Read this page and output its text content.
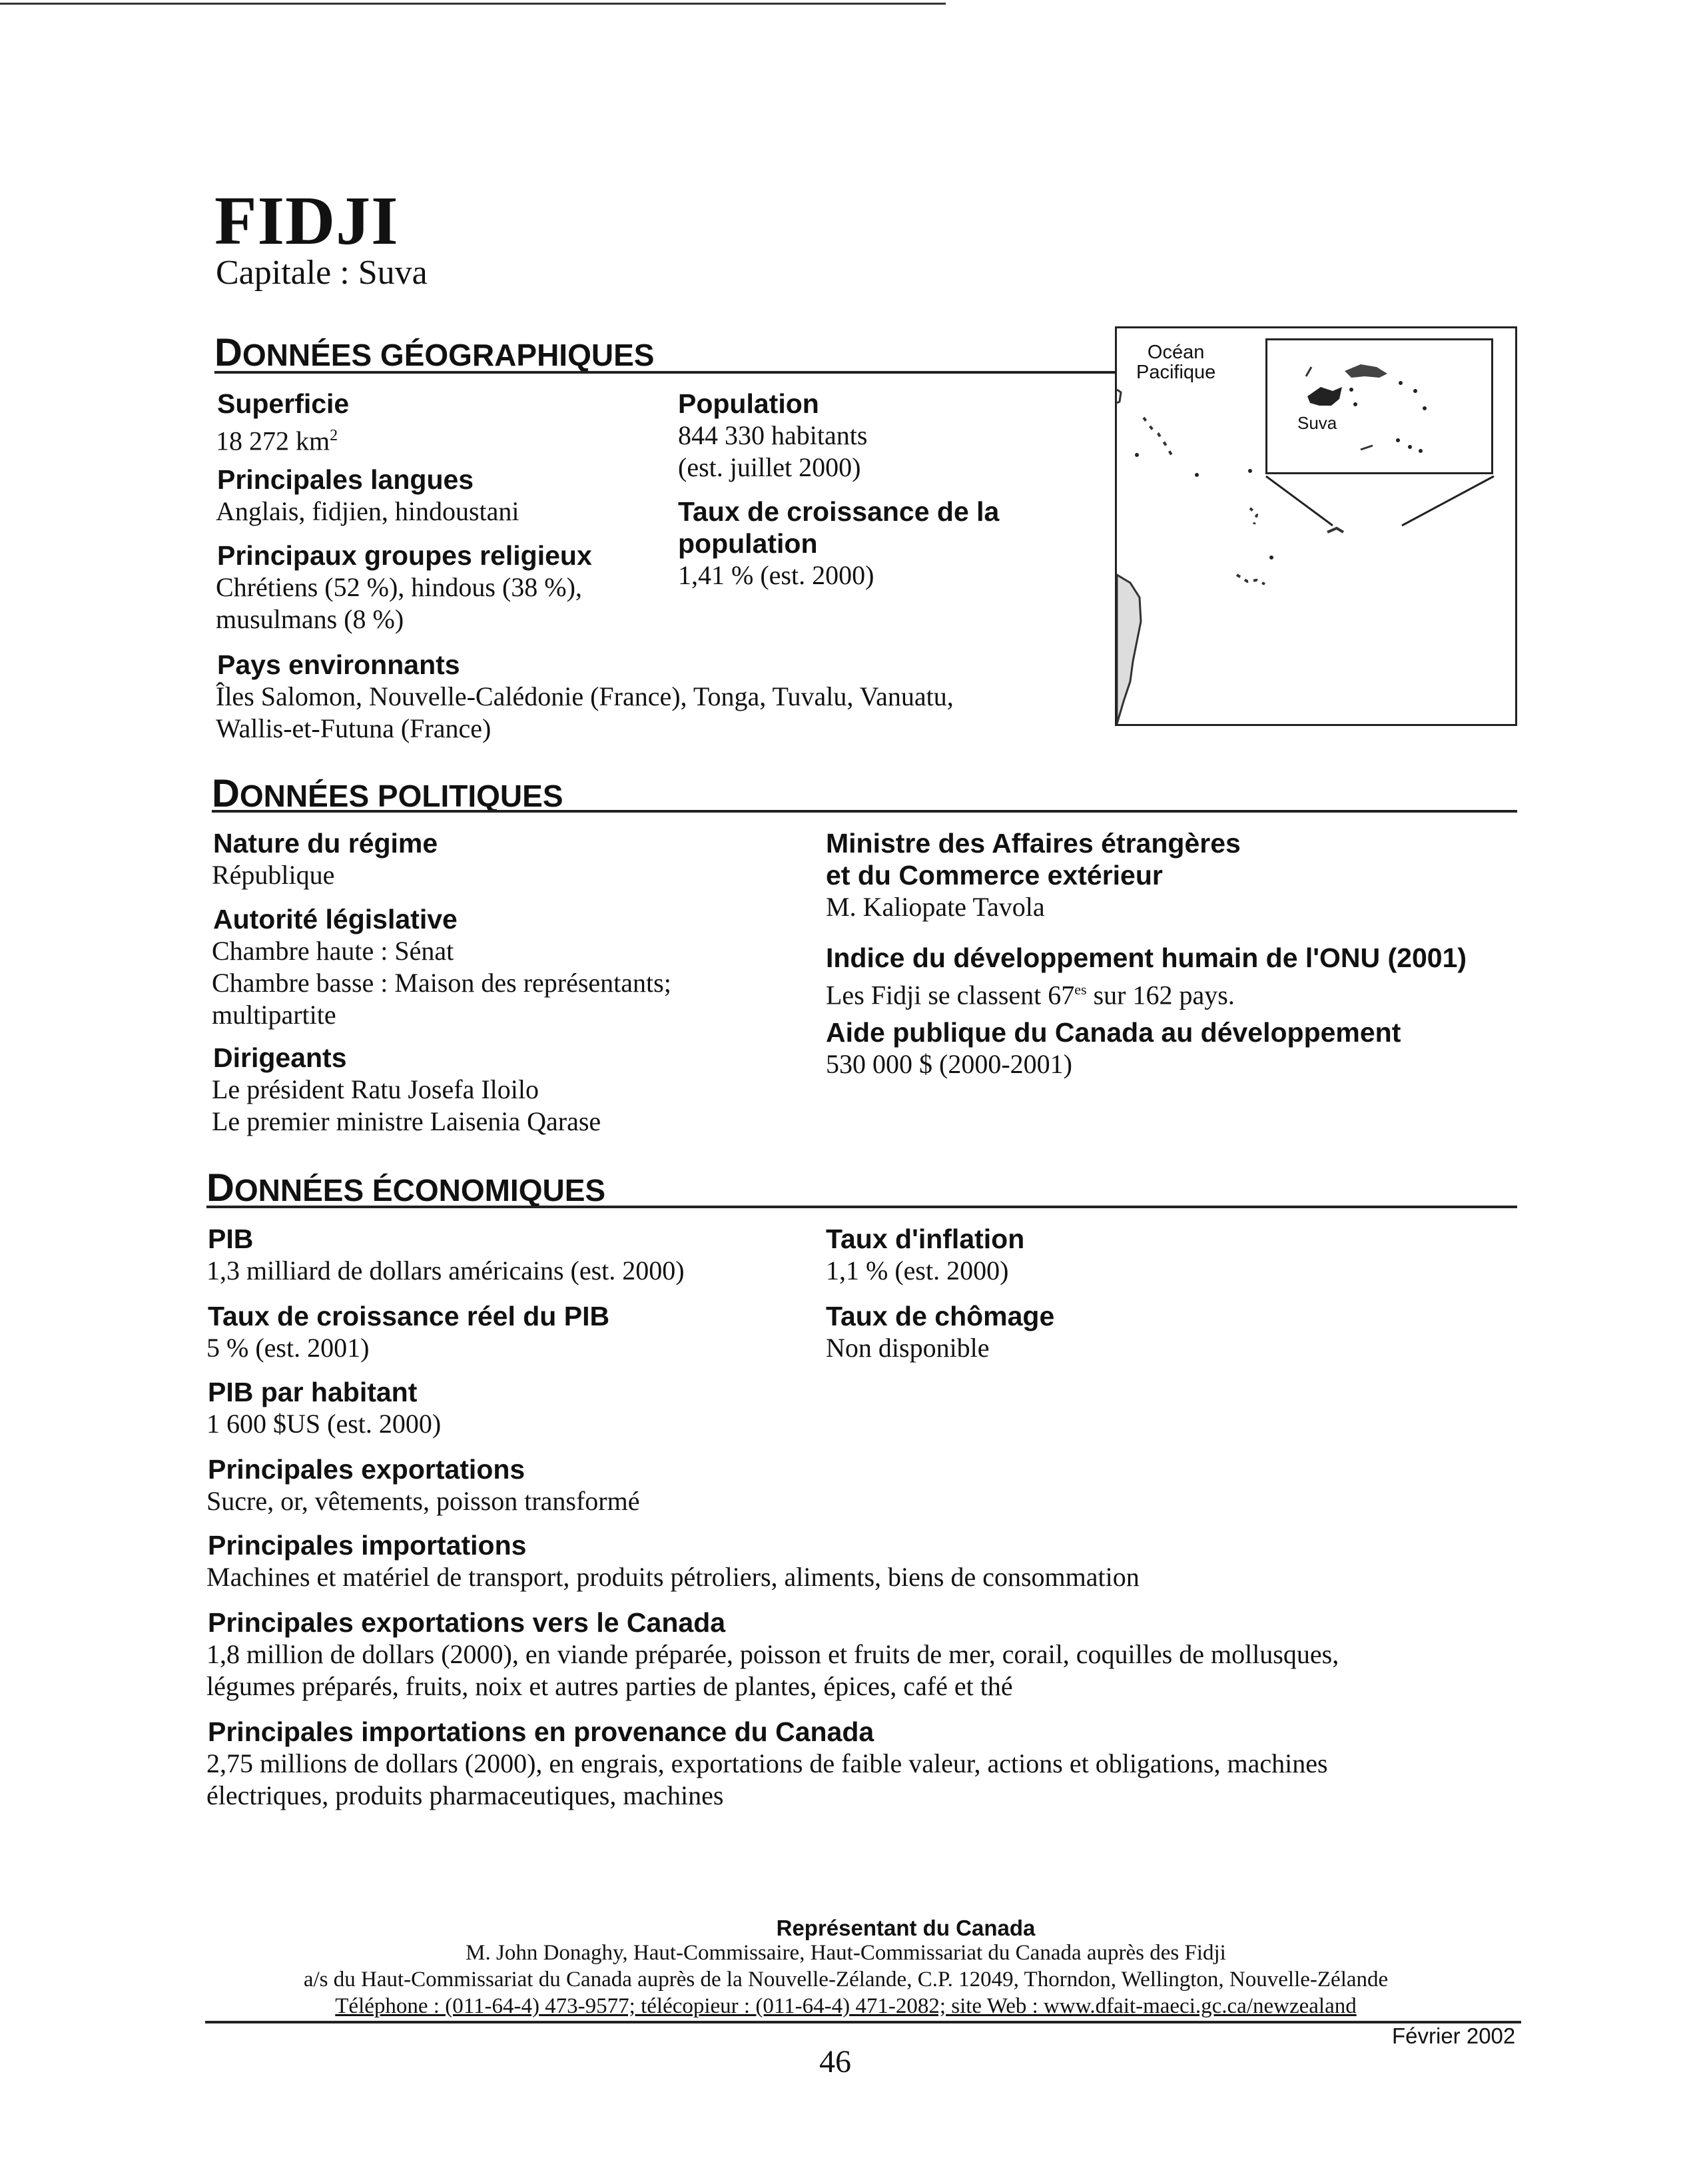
FIDJI
Capitale : Suva
DONNÉES GÉOGRAPHIQUES
Superficie
18 272 $km^2$
Principales langues
Anglais, fidjien, hindoustani
Principaux groupes religieux
Chrétiens (52 %), hindous (38 %),
musulmans (8 %)
Population
844 330 habitants
(est. juillet 2000)
Taux de croissance de la
population
1,41 % (est. 2000)
Pays environnants
Îles Salomon, Nouvelle-Calédonie (France), Tonga, Tuvalu, Vanuatu,
Wallis-et-Futuna (France)
Océan
Pacifique
Suva
DONNÉES POLITIQUES
Nature du régime
République
Autorité législative
Chambre haute : Sénat
Chambre basse : Maison des représentants;
multipartite
Dirigeants
Le président Ratu Josefa Iloilo
Le premier ministre Laisenia Qarase
Ministre des Affaires étrangères
et du Commerce extérieur
M. Kaliopate Tavola
Indice du développement humain de l'ONU (2001)
Les Fidji se classent $67^{es}$ sur 162 pays.
Aide publique du Canada au développement
530 000 $ (2000-2001)
DONNÉES ÉCONOMIQUES
PIB
1,3 milliard de dollars américains (est. 2000)
Taux de croissance réel du PIB
5 % (est. 2001)
PIB par habitant
1 600 $US (est. 2000)
Principales exportations
Sucre, or, vêtements, poisson transformé
Principales importations
Machines et matériel de transport, produits pétroliers, aliments, biens de consommation
Principales exportations vers le Canada
1,8 million de dollars (2000), en viande préparée, poisson et fruits de mer, corail, coquilles de mollusques,
légumes préparés, fruits, noix et autres parties de plantes, épices, café et thé
Principales importations en provenance du Canada
2,75 millions de dollars (2000), en engrais, exportations de faible valeur, actions et obligations, machines
électriques, produits pharmaceutiques, machines
Taux d'inflation
1,1 % (est. 2000)
Taux de chômage
Non disponible
Représentant du Canada
M. John Donaghy, Haut-Commissaire, Haut-Commissariat du Canada auprès des Fidji
a/s du Haut-Commissariat du Canada auprès de la Nouvelle-Zélande, C.P. 12049, Thorndon, Wellington, Nouvelle-Zélande
Téléphone : (011-64-4) 473-9577; télécopieur : (011-64-4) 471-2082; site Web : www.dfait-maeci.gc.ca/newzealand
Février 2002
46
